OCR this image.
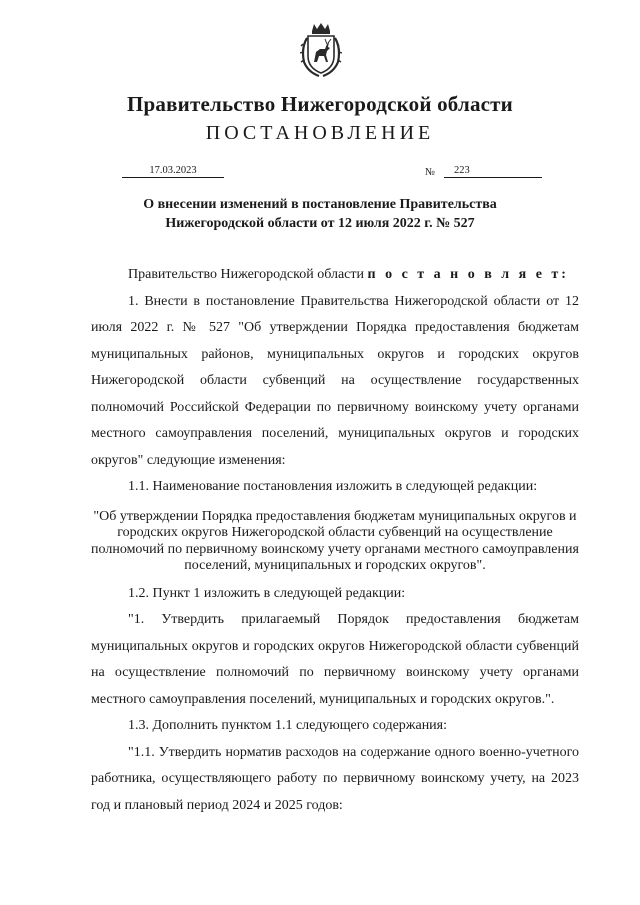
Правительство Нижегородской области
ПОСТАНОВЛЕНИЕ
17.03.2023	№	223
О внесении изменений в постановление Правительства
Нижегородской области от 12 июля 2022 г. № 527

Правительство Нижегородской области п о с т а н о в л я е т:

1. Внести в постановление Правительства Нижегородской области от 12 июля 2022 г. № 527 "Об утверждении Порядка предоставления бюджетам муниципальных районов, муниципальных округов и городских округов Нижегородской области субвенций на осуществление государственных полномочий Российской Федерации по первичному воинскому учету органами местного самоуправления поселений, муниципальных округов и городских округов" следующие изменения:

1.1. Наименование постановления изложить в следующей редакции:

"Об утверждении Порядка предоставления бюджетам муниципальных округов и городских округов Нижегородской области субвенций на осуществление полномочий по первичному воинскому учету органами местного самоуправления поселений, муниципальных и городских округов".

1.2. Пункт 1 изложить в следующей редакции:

"1. Утвердить прилагаемый Порядок предоставления бюджетам муниципальных округов и городских округов Нижегородской области субвенций на осуществление полномочий по первичному воинскому учету органами местного самоуправления поселений, муниципальных и городских округов.".

1.3. Дополнить пунктом 1.1 следующего содержания:

"1.1. Утвердить норматив расходов на содержание одного военно-учетного работника, осуществляющего работу по первичному воинскому учету, на 2023 год и плановый период 2024 и 2025 годов:
